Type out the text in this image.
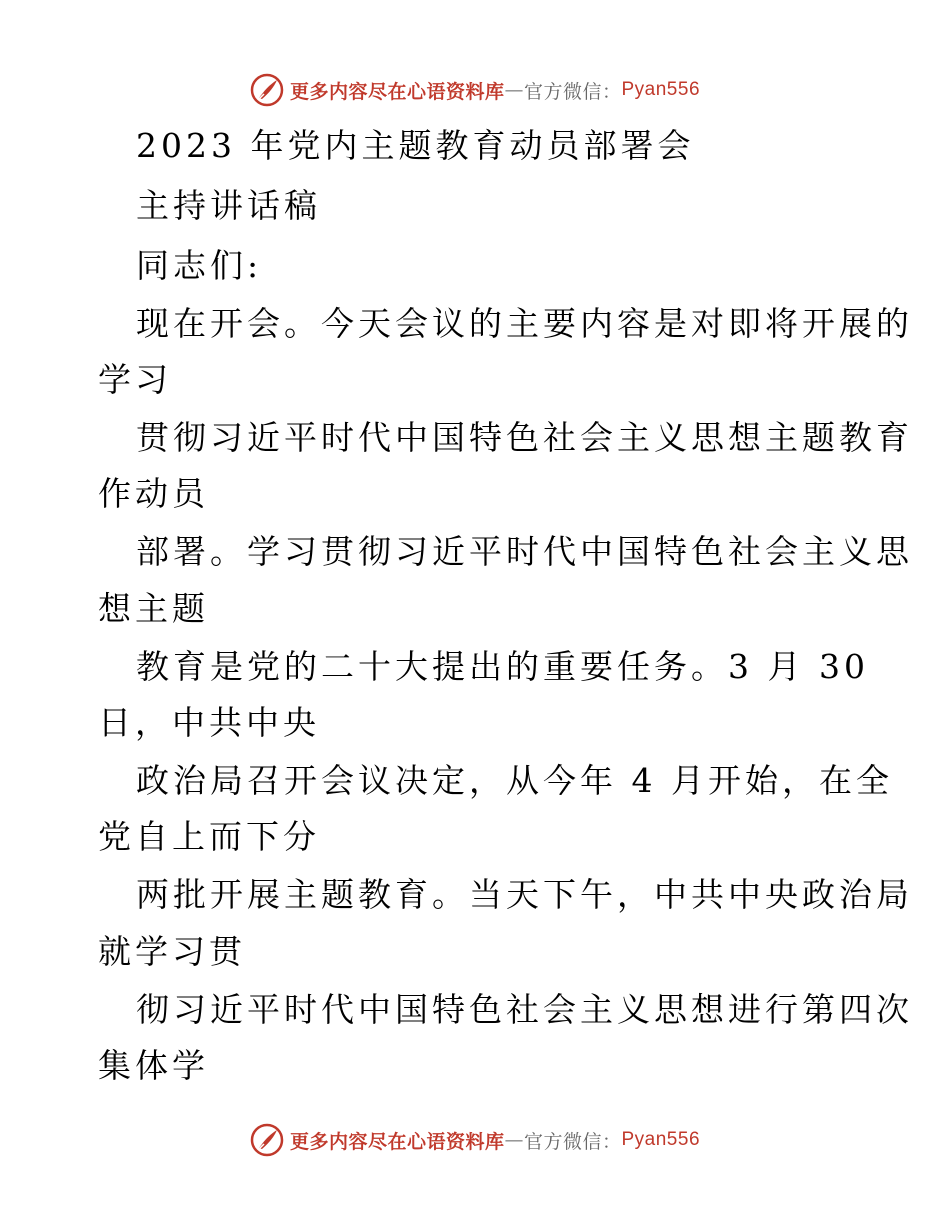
更多内容尽在心语资料库 — 官方微信： Pyan556
2023 年党内主题教育动员部署会
主持讲话稿
同志们:
现在开会。今天会议的主要内容是对即将开展的
学习
贯彻习近平时代中国特色社会主义思想主题教育
作动员
部署。学习贯彻习近平时代中国特色社会主义思
想主题
教育是党的二十大提出的重要任务。3 月 30
日，中共中央
政治局召开会议决定，从今年 4 月开始，在全
党自上而下分
两批开展主题教育。当天下午，中共中央政治局
就学习贯
彻习近平时代中国特色社会主义思想进行第四次
集体学
更多内容尽在心语资料库 — 官方微信： Pyan556
